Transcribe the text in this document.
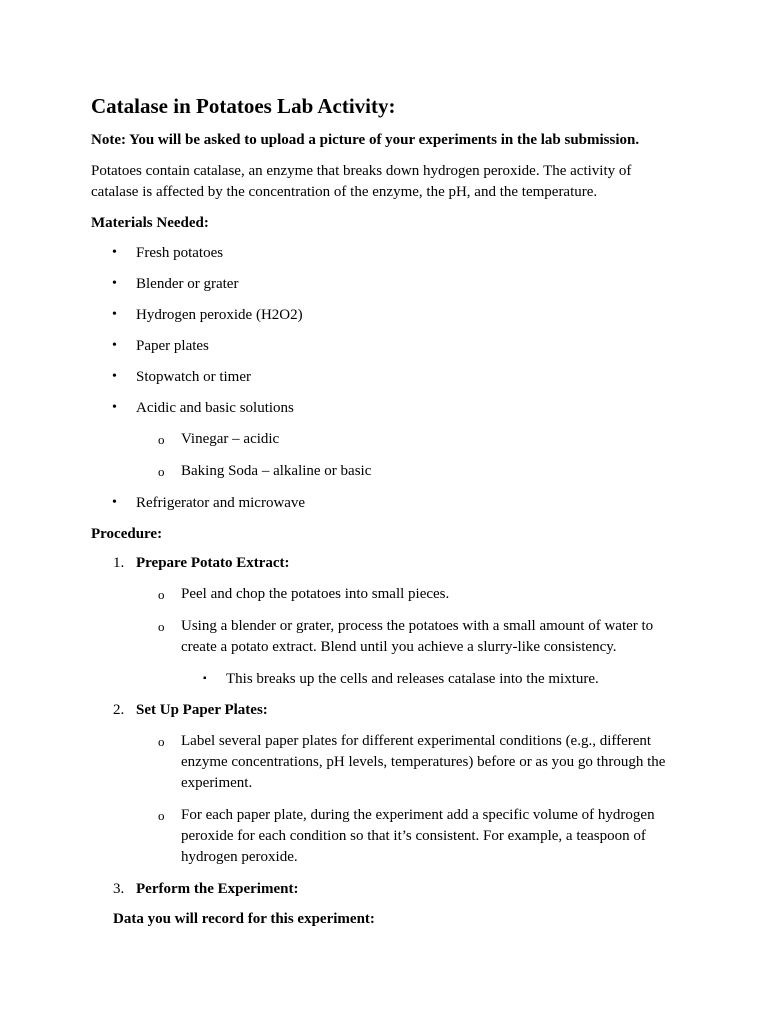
Catalase in Potatoes Lab Activity:

Note: You will be asked to upload a picture of your experiments in the lab submission.

Potatoes contain catalase, an enzyme that breaks down hydrogen peroxide. The activity of catalase is affected by the concentration of the enzyme, the pH, and the temperature.

Materials Needed:

• Fresh potatoes
• Blender or grater
• Hydrogen peroxide (H2O2)
• Paper plates
• Stopwatch or timer
• Acidic and basic solutions
o Vinegar – acidic
o Baking Soda – alkaline or basic
• Refrigerator and microwave

Procedure:

1. Prepare Potato Extract:
o Peel and chop the potatoes into small pieces.
o Using a blender or grater, process the potatoes with a small amount of water to create a potato extract. Blend until you achieve a slurry-like consistency.
▪ This breaks up the cells and releases catalase into the mixture.
2. Set Up Paper Plates:
o Label several paper plates for different experimental conditions (e.g., different enzyme concentrations, pH levels, temperatures) before or as you go through the experiment.
o For each paper plate, during the experiment add a specific volume of hydrogen peroxide for each condition so that it’s consistent. For example, a teaspoon of hydrogen peroxide.
3. Perform the Experiment:

Data you will record for this experiment:
